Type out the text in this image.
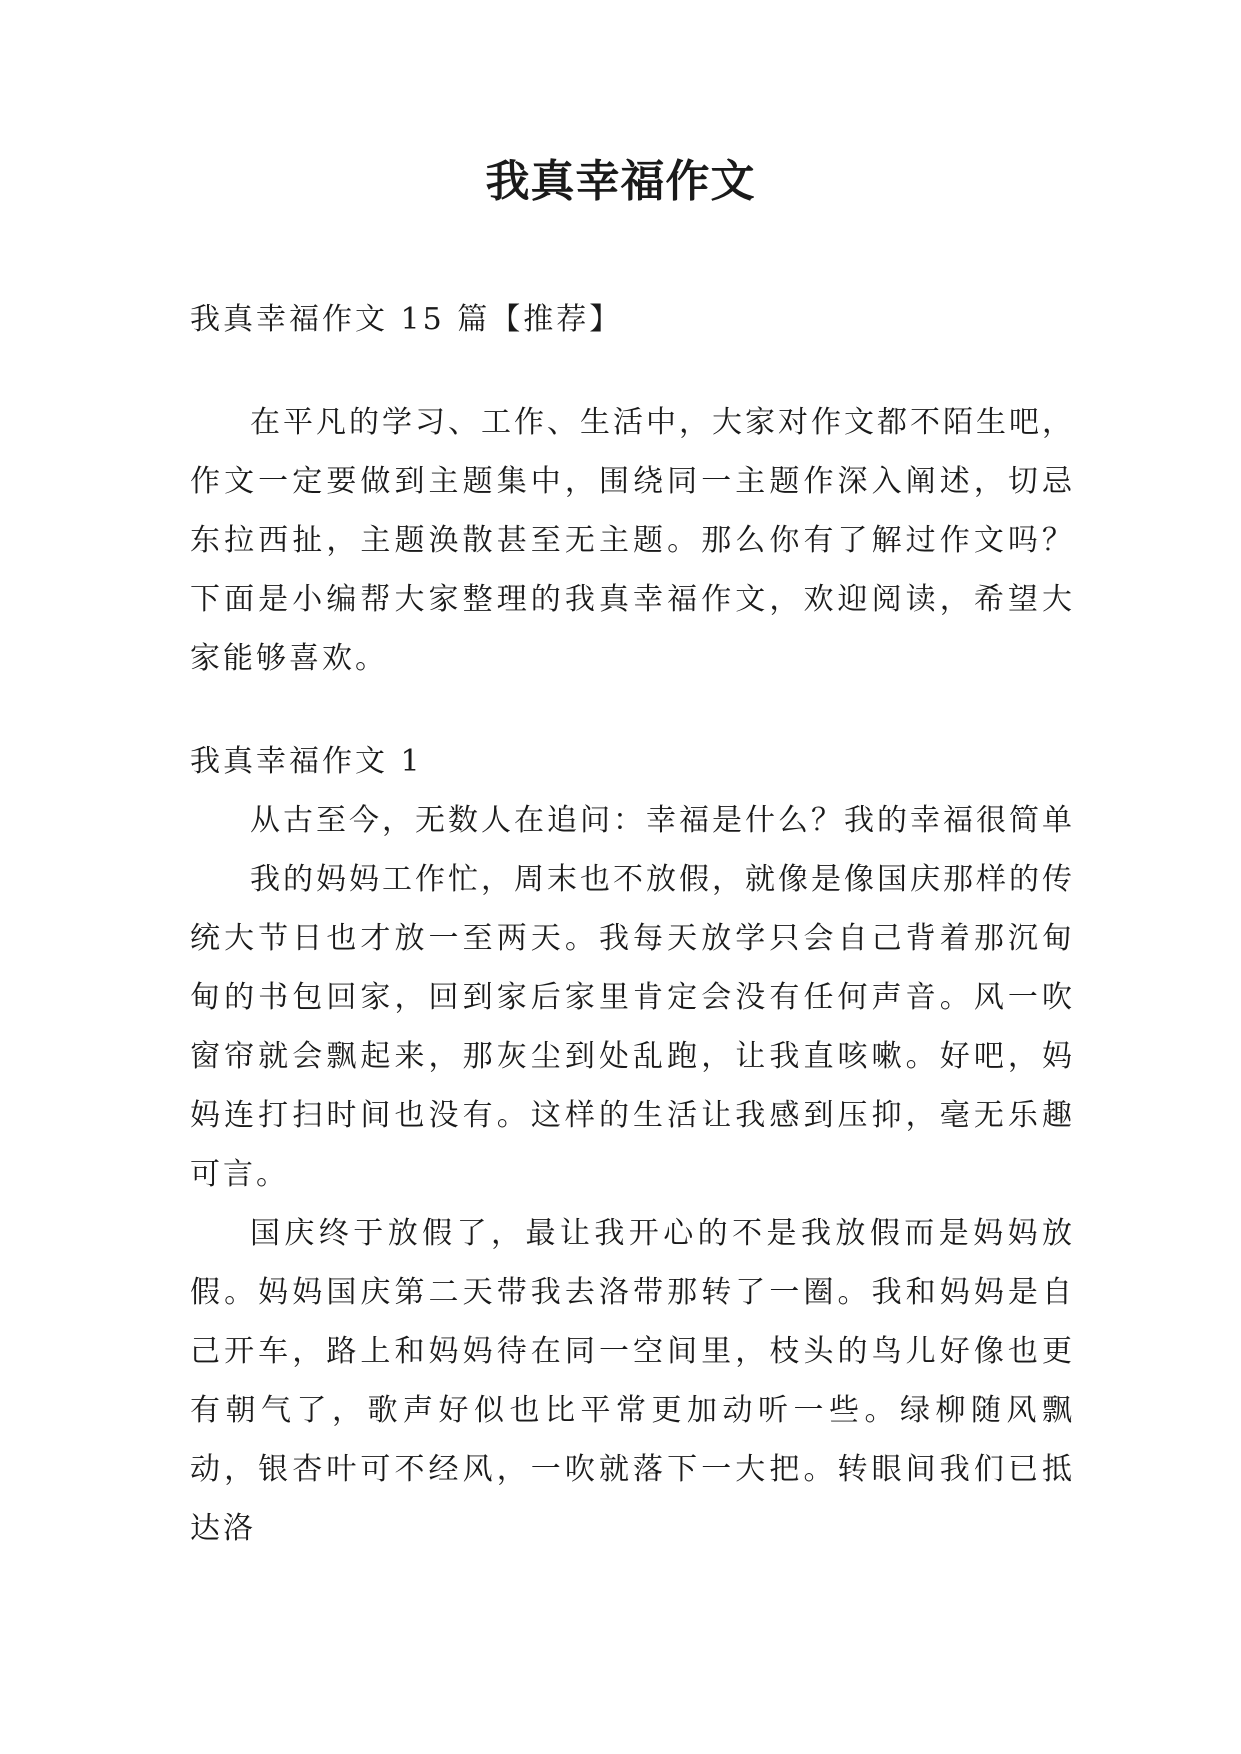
我真幸福作文

我真幸福作文 15 篇【推荐】

在平凡的学习、工作、生活中，大家对作文都不陌生吧，作文一定要做到主题集中，围绕同一主题作深入阐述，切忌东拉西扯，主题涣散甚至无主题。那么你有了解过作文吗？下面是小编帮大家整理的我真幸福作文，欢迎阅读，希望大家能够喜欢。

我真幸福作文 1

从古至今，无数人在追问：幸福是什么？我的幸福很简单

我的妈妈工作忙，周末也不放假，就像是像国庆那样的传统大节日也才放一至两天。我每天放学只会自己背着那沉甸甸的书包回家，回到家后家里肯定会没有任何声音。风一吹窗帘就会飘起来，那灰尘到处乱跑，让我直咳嗽。好吧，妈妈连打扫时间也没有。这样的生活让我感到压抑，毫无乐趣可言。

国庆终于放假了，最让我开心的不是我放假而是妈妈放假。妈妈国庆第二天带我去洛带那转了一圈。我和妈妈是自己开车，路上和妈妈待在同一空间里，枝头的鸟儿好像也更有朝气了，歌声好似也比平常更加动听一些。绿柳随风飘动，银杏叶可不经风，一吹就落下一大把。转眼间我们已抵达洛
